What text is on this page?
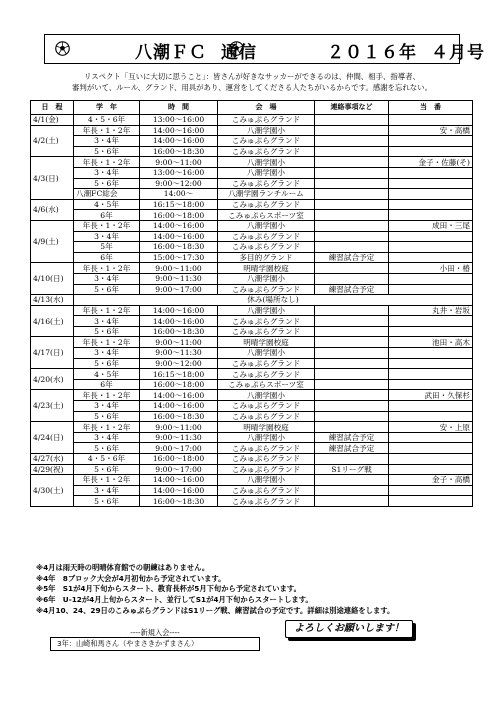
八潮ＦＣ 通信	２０１６年 ４月号
リスペクト「互いに大切に思うこと」：皆さんが好きなサッカーができるのは、仲間、相手、指導者、
審判がいて、ルール、グランド、用具があり、運営をしてくださる人たちがいるからです。感謝を忘れない。
日　程	学　年	時　間	会　場	連絡事項など	当　番
4/1(金)	4・5・6年	13:00～16:00	こみゅぷらグランド		
4/2(土)	年長・1・2年	14:00～16:00	八潮学園小		安・高橋
	3・4年	14:00～16:00	こみゅぷらグランド		
	5・6年	16:00～18:30	こみゅぷらグランド		
4/3(日)	年長・1・2年	9:00～11:00	八潮学園小		金子・佐藤(そ)
	3・4年	13:00～16:00	八潮学園小		
	5・6年	9:00～12:00	こみゅぷらグランド		
	八潮FC総会	14:00～	八潮学園ランチルーム		
4/6(水)	4・5年	16:15～18:00	こみゅぷらグランド		
	6年	16:00～18:00	こみゅぷらスポーツ室		
4/9(土)	年長・1・2年	14:00～16:00	八潮学園小		成田・三尾
	3・4年	14:00～16:00	こみゅぷらグランド		
	5年	16:00～18:30	こみゅぷらグランド		
	6年	15:00～17:30	多目的グランド	練習試合予定	
4/10(日)	年長・1・2年	9:00～11:00	明晴学園校庭		小田・椿
	3・4年	9:00～11:30	八潮学園小		
	5・6年	9:00～17:00	こみゅぷらグランド	練習試合予定	
4/13(水)	休み(場所なし)				
4/16(土)	年長・1・2年	14:00～16:00	八潮学園小		丸井・岩坂
	3・4年	14:00～16:00	こみゅぷらグランド		
	5・6年	16:00～18:30	こみゅぷらグランド		
4/17(日)	年長・1・2年	9:00～11:00	明晴学園校庭		池田・高木
	3・4年	9:00～11:30	八潮学園小		
	5・6年	9:00～12:00	こみゅぷらグランド		
4/20(水)	4・5年	16:15～18:00	こみゅぷらグランド		
	6年	16:00～18:00	こみゅぷらスポーツ室		
4/23(土)	年長・1・2年	14:00～16:00	八潮学園小		武田・久保杉
	3・4年	14:00～16:00	こみゅぷらグランド		
	5・6年	16:00～18:30	こみゅぷらグランド		
4/24(日)	年長・1・2年	9:00～11:00	明晴学園校庭		安・上原
	3・4年	9:00～11:30	八潮学園小	練習試合予定	
	5・6年	9:00～17:00	こみゅぷらグランド	練習試合予定	
4/27(水)	4・5・6年	16:00～18:00	こみゅぷらグランド		
4/29(祝)	5・6年	9:00～17:00	こみゅぷらグランド	S1リーグ戦	
4/30(土)	年長・1・2年	14:00～16:00	八潮学園小		金子・高橋
	3・4年	14:00～16:00	こみゅぷらグランド		
	5・6年	16:00～18:30	こみゅぷらグランド		
※4月は雨天時の明晴体育館での朝練はありません。
※4年　8ブロック大会が4月初旬から予定されています。
※5年　S1が4月下旬からスタート、教育長杯が5月下旬から予定されています。
※6年　U-12が4月上旬からスタート、並行してS1が4月下旬からスタートします。
※4月10、24、29日のこみゅぷらグランドはS1リーグ戦、練習試合の予定です。詳細は別途連絡をします。
----新規入会----
3年：山崎和馬さん（やまさきかずまさん）
よろしくお願いします！
